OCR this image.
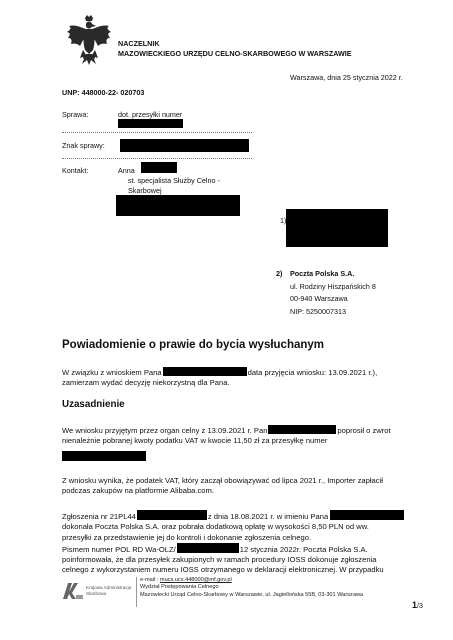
NACZELNIK
MAZOWIECKIEGO URZĘDU CELNO-SKARBOWEGO W WARSZAWIE
Warszawa, dnia 25 stycznia 2022 r.
UNP: 448000-22- 020703
Sprawa:	dot. przesyłki numer
Znak sprawy:
Kontakt:	Anna
st. specjalista Służby Celno -
Skarbowej
1)
2) Poczta Polska S.A.
ul. Rodziny Hiszpańskich 8
00-940 Warszawa
NIP: 5250007313
Powiadomienie o prawie do bycia wysłuchanym

W związku z wnioskiem Pana	data przyjęcia wniosku: 13.09.2021 r.),

zamierzam wydać decyzję niekorzystną dla Pana.

Uzasadnienie

We wniosku przyjętym przez organ celny z 13.09.2021 r. Pan	poprosił o zwrot

nienależnie pobranej kwoty podatku VAT w kwocie 11,50 zł za przesyłkę numer

Z wniosku wynika, że podatek VAT, który zaczął obowiązywać od lipca 2021 r., Importer zapłacił

podczas zakupów na platformie Alibaba.com.

Zgłoszenia nr 21PL44	z dnia 18.08.2021 r. w imieniu Pana

dokonała Poczta Polska S.A. oraz pobrała dodatkową opłatę w wysokości 8,50 PLN od ww.

przesyłki za przedstawienie jej do kontroli i dokonanie zgłoszenia celnego.

Pismem numer POL RD Wa-OLZ/	12 stycznia 2022r. Poczta Polska S.A.

poinformowała, że dla przesyłek zakupionych w ramach procedury IOSS dokonuje zgłoszenia

celnego z wykorzystaniem numeru IOSS otrzymanego w deklaracji elektronicznej. W przypadku

Krajowa Administracja
Skarbowa
e-mail : mucs.ucs.448000@mf.gov.pl
Wydział Postępowania Celnego
Mazowiecki Urząd Celno-Skarbowy w Warszawie, ul. Jagiellońska 55B, 03-301 Warszawa
1/3
